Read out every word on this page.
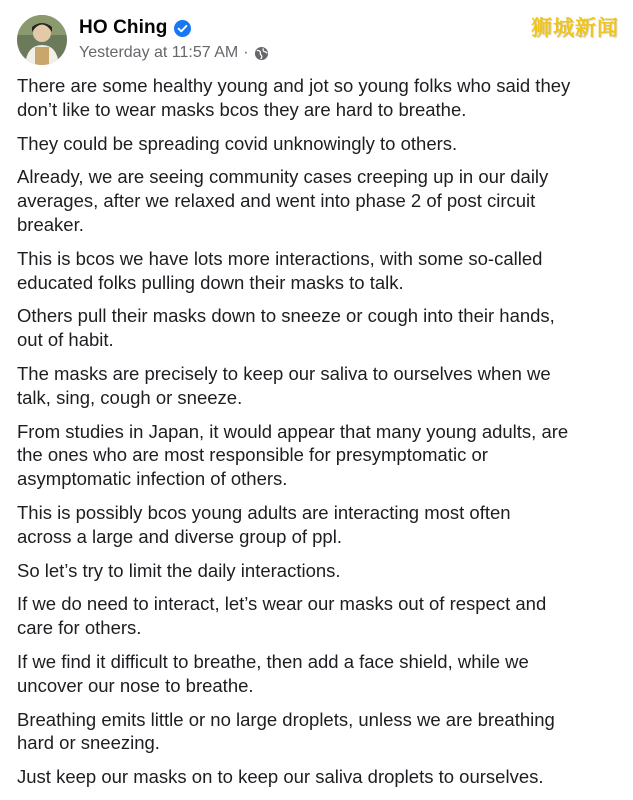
HO Ching
Yesterday at 11:57 AM ·
狮城新闻

There are some healthy young and jot so young folks who said they
don’t like to wear masks bcos they are hard to breathe.

They could be spreading covid unknowingly to others.

Already, we are seeing community cases creeping up in our daily
averages, after we relaxed and went into phase 2 of post circuit
breaker.

This is bcos we have lots more interactions, with some so-called
educated folks pulling down their masks to talk.

Others pull their masks down to sneeze or cough into their hands,
out of habit.

The masks are precisely to keep our saliva to ourselves when we
talk, sing, cough or sneeze.

From studies in Japan, it would appear that many young adults, are
the ones who are most responsible for presymptomatic or
asymptomatic infection of others.

This is possibly bcos young adults are interacting most often
across a large and diverse group of ppl.

So let’s try to limit the daily interactions.

If we do need to interact, let’s wear our masks out of respect and
care for others.

If we find it difficult to breathe, then add a face shield, while we
uncover our nose to breathe.

Breathing emits little or no large droplets, unless we are breathing
hard or sneezing.

Just keep our masks on to keep our saliva droplets to ourselves.
